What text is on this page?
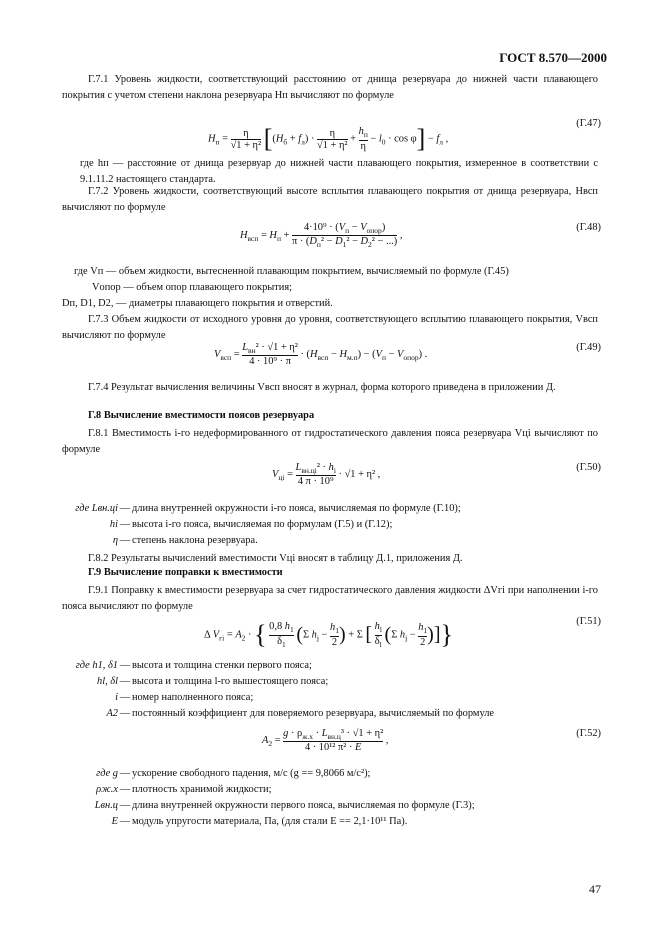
ГОСТ 8.570—2000
Г.7.1 Уровень жидкости, соответствующий расстоянию от днища резервуара до нижней части плавающего покрытия с учетом степени наклона резервуара Hп вычисляют по формуле
$H_п$ =
η
√1 + η² [$(H_б + f_л)$ ·
η
√1 + η² +
$h_п$
$\eta - l_0 \cdot \cos \varphi] - f_л$ ,
(Г.47)
где hп — расстояние от днища резервуар до нижней части плавающего покрытия, измеренное в соответствии с 9.1.11.2 настоящего стандарта.
Г.7.2 Уровень жидкости, соответствующий высоте всплытия плавающего покрытия от днища резервуара, Hвсп вычисляют по формуле
$H_{всп} = H_п$ +
$4\cdot 10^9 \cdot (V_п - V_{опор})$
$\pi \cdot (D_п^2 - D_1^2 - D_2^2$ − ...) ,
(Г.48)
где Vп — объем жидкости, вытесненной плавающим покрытием, вычисляемый по формуле (Г.45)
Vопор — объем опор плавающего покрытия;
Dп, D1, D2, — диаметры плавающего покрытия и отверстий.
Г.7.3 Объем жидкости от исходного уровня до уровня, соответствующего всплытию плавающего покрытия, Vвсп вычисляют по формуле
$V_{всп}$ =
$L_{вн}^2 \cdot √1 + \eta^2$
$4 \cdot 10^9 \cdot \pi \cdot (H_{всп} - H_{м.п}) - (V_п - V_{опор})$ .
(Г.49)
Г.7.4 Результат вычисления величины Vвсп вносят в журнал, форма которого приведена в приложении Д.
Г.8 Вычисление вместимости поясов резервуара
Г.8.1 Вместимость i-го недеформированного от гидростатического давления пояса резервуара Vцi вычисляют по формуле
$V_{цi}$ =
$L_{вн.цi}^2 \cdot h_i$
4 π · 10⁹ · √1 + η² ,
(Г.50)
где Lвн.цi — длина внутренней окружности i-го пояса, вычисляемая по формуле (Г.10);
hi — высота i-го пояса, вычисляемая по формулам (Г.5) и (Г.12);
η — степень наклона резервуара.
Г.8.2 Результаты вычислений вместимости Vцi вносят в таблицу Д.1, приложения Д.
Г.9 Вычисление поправки к вместимости
Г.9.1 Поправку к вместимости резервуара за счет гидростатического давления жидкости ΔVгi при наполнении i-го пояса вычисляют по формуле
Δ $V_{гi} = A_2$ · { 0,8 $h_1$
$\delta_1$ (Σ $h_j$ −
$h_1$
2) + Σ [ $h_l$
$\delta_l$ (Σ $h_j$ −
$h_1$
2)]}	(Г.51)
где h1, δ1 — высота и толщина стенки первого пояса;
hl, δl — высота и толщина l-го вышестоящего пояса;
i — номер наполненного пояса;
A2 — постоянный коэффициент для поверяемого резервуара, вычисляемый по формуле
$A_2$ =
$g \cdot \rho_{ж.х} \cdot L_{вн.ц}^3 \cdot √1 + \eta^2$
4 · 10¹² π² · E ,
(Г.52)
где g — ускорение свободного падения, м/с (g == 9,8066 м/с²);
ρж.х — плотность хранимой жидкости;
Lвн.ц — длина внутренней окружности первого пояса, вычисляемая по формуле (Г.3);
E — модуль упругости материала, Па, (для стали E == 2,1·10¹¹ Па).
47
